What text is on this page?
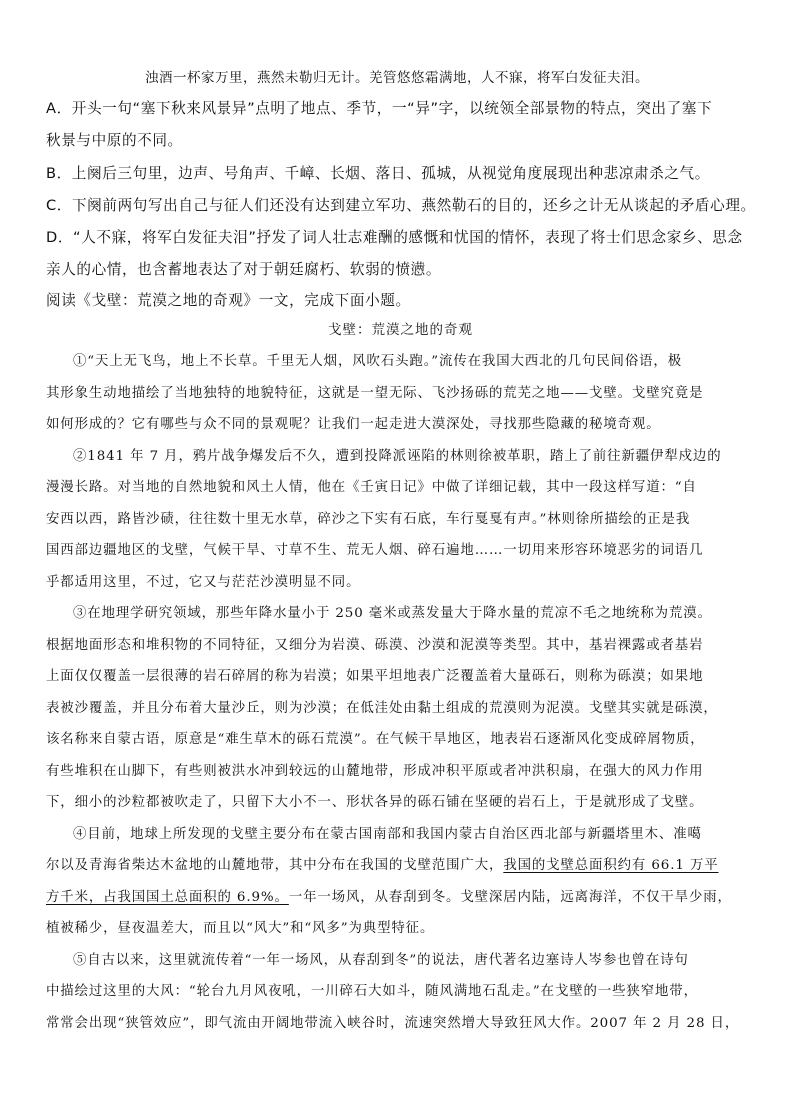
浊酒一杯家万里，燕然未勒归无计。羌管悠悠霜满地，人不寐，将军白发征夫泪。
A．开头一句“塞下秋来风景异”点明了地点、季节，一“异”字，以统领全部景物的特点，突出了塞下
秋景与中原的不同。
B．上阕后三句里，边声、号角声、千嶂、长烟、落日、孤城，从视觉角度展现出种悲凉肃杀之气。
C．下阕前两句写出自己与征人们还没有达到建立军功、燕然勒石的目的，还乡之计无从谈起的矛盾心理。
D．“人不寐，将军白发征夫泪”抒发了词人壮志难酬的感慨和忧国的情怀，表现了将士们思念家乡、思念
亲人的心情，也含蓄地表达了对于朝廷腐朽、软弱的愤懑。
阅读《戈壁：荒漠之地的奇观》一文，完成下面小题。
戈壁：荒漠之地的奇观
①“天上无飞鸟，地上不长草。千里无人烟，风吹石头跑。”流传在我国大西北的几句民间俗语，极
其形象生动地描绘了当地独特的地貌特征，这就是一望无际、飞沙扬砾的荒芜之地——戈壁。戈壁究竟是
如何形成的？它有哪些与众不同的景观呢？让我们一起走进大漠深处，寻找那些隐藏的秘境奇观。
②1841 年 7 月，鸦片战争爆发后不久，遭到投降派诬陷的林则徐被革职，踏上了前往新疆伊犁戍边的
漫漫长路。对当地的自然地貌和风土人情，他在《壬寅日记》中做了详细记载，其中一段这样写道：“自
安西以西，路皆沙碛，往往数十里无水草，碎沙之下实有石底，车行戛戛有声。”林则徐所描绘的正是我
国西部边疆地区的戈壁，气候干旱、寸草不生、荒无人烟、碎石遍地……一切用来形容环境恶劣的词语几
乎都适用这里，不过，它又与茫茫沙漠明显不同。
③在地理学研究领域，那些年降水量小于 250 毫米或蒸发量大于降水量的荒凉不毛之地统称为荒漠。
根据地面形态和堆积物的不同特征，又细分为岩漠、砾漠、沙漠和泥漠等类型。其中，基岩裸露或者基岩
上面仅仅覆盖一层很薄的岩石碎屑的称为岩漠；如果平坦地表广泛覆盖着大量砾石，则称为砾漠；如果地
表被沙覆盖，并且分布着大量沙丘，则为沙漠；在低洼处由黏土组成的荒漠则为泥漠。戈壁其实就是砾漠，
该名称来自蒙古语，原意是“难生草木的砾石荒漠”。在气候干旱地区，地表岩石逐渐风化变成碎屑物质，
有些堆积在山脚下，有些则被洪水冲到较远的山麓地带，形成冲积平原或者冲洪积扇，在强大的风力作用
下，细小的沙粒都被吹走了，只留下大小不一、形状各异的砾石铺在坚硬的岩石上，于是就形成了戈壁。
④目前，地球上所发现的戈壁主要分布在蒙古国南部和我国内蒙古自治区西北部与新疆塔里木、准噶
尔以及青海省柴达木盆地的山麓地带，其中分布在我国的戈壁范围广大，我国的戈壁总面积约有 66.1 万平
方千米，占我国国土总面积的 6.9%。一年一场风，从春刮到冬。戈壁深居内陆，远离海洋，不仅干旱少雨，
植被稀少，昼夜温差大，而且以“风大”和“风多”为典型特征。
⑤自古以来，这里就流传着“一年一场风，从春刮到冬”的说法，唐代著名边塞诗人岑参也曾在诗句
中描绘过这里的大风：“轮台九月风夜吼，一川碎石大如斗，随风满地石乱走。”在戈壁的一些狭窄地带，
常常会出现“狭管效应”，即气流由开阔地带流入峡谷时，流速突然增大导致狂风大作。2007 年 2 月 28 日，
